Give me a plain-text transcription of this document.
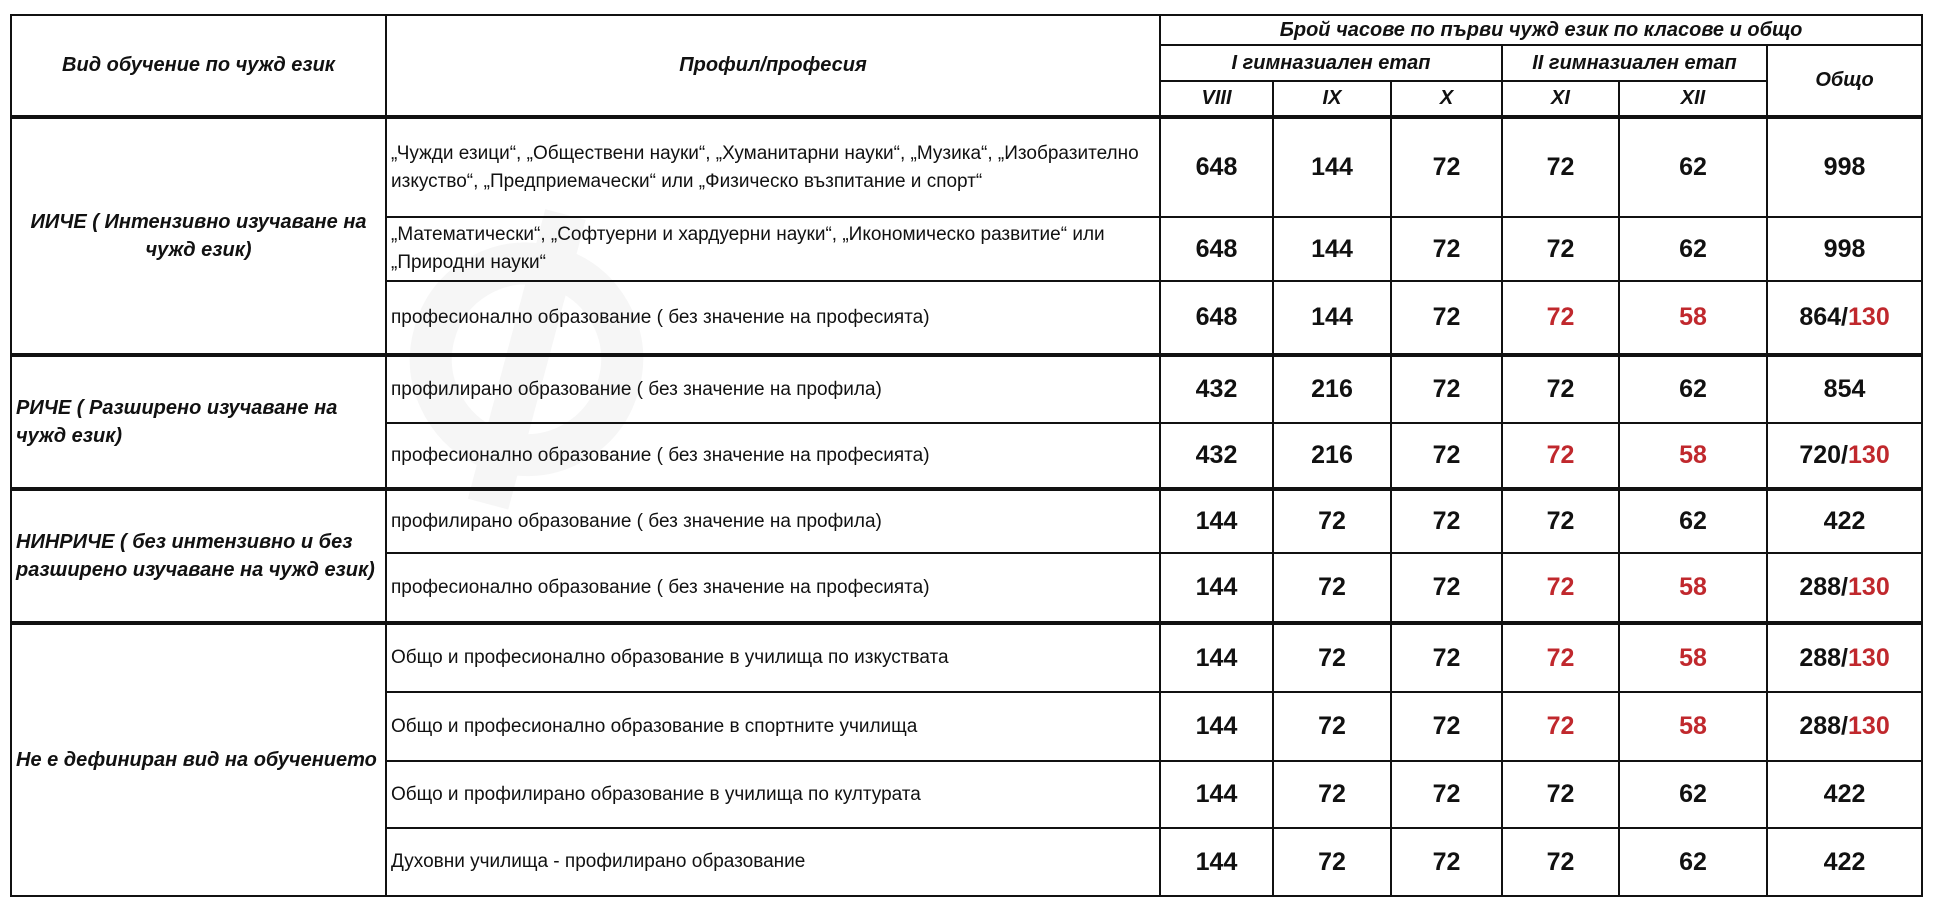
Вид обучение по чужд език	Профил/професия	Брой часове по първи чужд език по класове и общо					
		I гимназиален етап			II гимназиален етап		Общо
		VIII	IX	X	XI	XII	
ИИЧЕ ( Интензивно изучаване на чужд език)	„Чужди езици“, „Обществени науки“, „Хуманитарни науки“, „Музика“, „Изобразително изкуство“, „Предприемачески“ или „Физическо възпитание и спорт“	648	144	72	72	62	998
	„Математически“, „Софтуерни и хардуерни науки“, „Икономическо развитие“ или „Природни науки“	648	144	72	72	62	998
	професионално образование ( без значение на професията)	648	144	72	72	58	864/130
РИЧЕ ( Разширено изучаване на чужд език)	профилирано образование ( без значение на профила)	432	216	72	72	62	854
	професионално образование ( без значение на професията)	432	216	72	72	58	720/130
НИНРИЧЕ ( без интензивно и без разширено изучаване на чужд език)	профилирано образование ( без значение на профила)	144	72	72	72	62	422
	професионално образование ( без значение на професията)	144	72	72	72	58	288/130
Не е дефиниран вид на обучението	Общо и професионално образование в училища по изкуствата	144	72	72	72	58	288/130
	Общо и професионално образование в спортните училища	144	72	72	72	58	288/130
	Общо и профилирано образование в училища по културата	144	72	72	72	62	422
	Духовни училища - профилирано образование	144	72	72	72	62	422
